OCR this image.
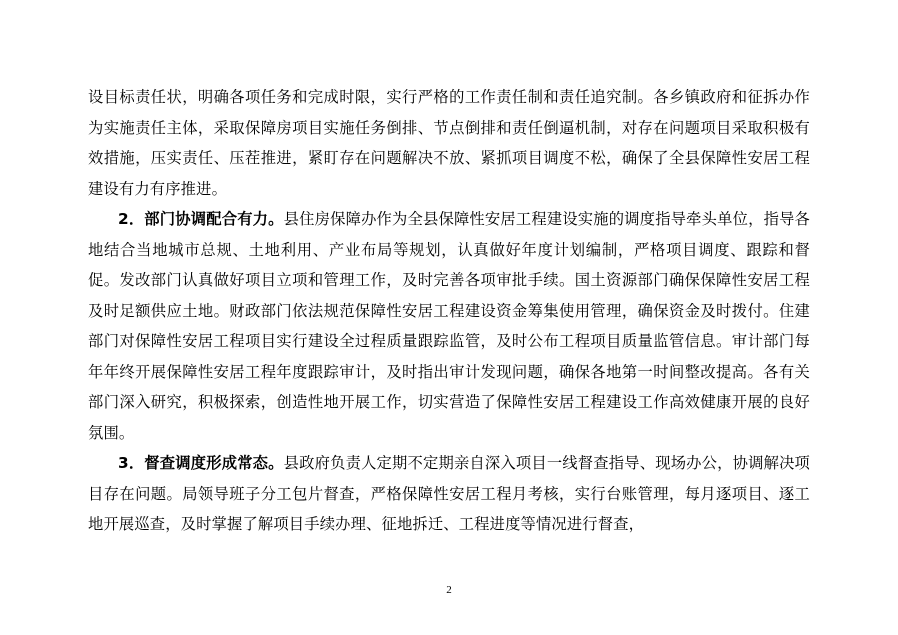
设目标责任状，明确各项任务和完成时限，实行严格的工作责任制和责任追究制。各乡镇政府和征拆办作为实施责任主体，采取保障房项目实施任务倒排、节点倒排和责任倒逼机制，对存在问题项目采取积极有效措施，压实责任、压茬推进，紧盯存在问题解决不放、紧抓项目调度不松，确保了全县保障性安居工程建设有力有序推进。

2．部门协调配合有力。县住房保障办作为全县保障性安居工程建设实施的调度指导牵头单位，指导各地结合当地城市总规、土地利用、产业布局等规划，认真做好年度计划编制，严格项目调度、跟踪和督促。发改部门认真做好项目立项和管理工作，及时完善各项审批手续。国土资源部门确保保障性安居工程及时足额供应土地。财政部门依法规范保障性安居工程建设资金筹集使用管理，确保资金及时拨付。住建部门对保障性安居工程项目实行建设全过程质量跟踪监管，及时公布工程项目质量监管信息。审计部门每年年终开展保障性安居工程年度跟踪审计，及时指出审计发现问题，确保各地第一时间整改提高。各有关部门深入研究，积极探索，创造性地开展工作，切实营造了保障性安居工程建设工作高效健康开展的良好氛围。

3．督查调度形成常态。县政府负责人定期不定期亲自深入项目一线督查指导、现场办公，协调解决项目存在问题。局领导班子分工包片督查，严格保障性安居工程月考核，实行台账管理，每月逐项目、逐工地开展巡查，及时掌握了解项目手续办理、征地拆迁、工程进度等情况进行督查，

2
